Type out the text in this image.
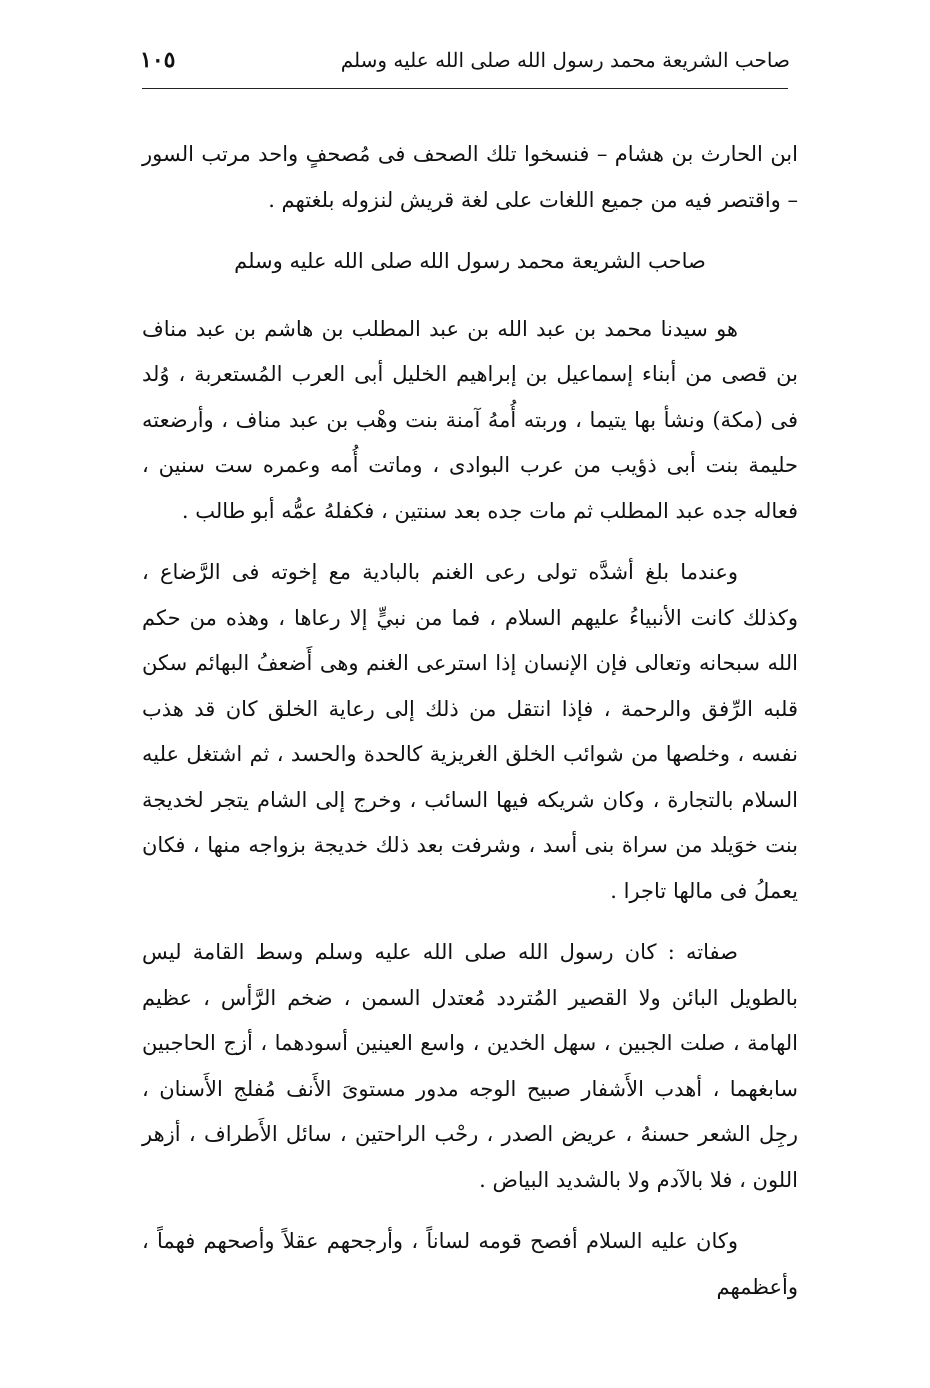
صاحب الشريعة محمد رسول الله صلى الله عليه وسلم
١٠٥

ابن الحارث بن هشام – فنسخوا تلك الصحف فى مُصحفٍ واحد مرتب السور – واقتصر فيه من جميع اللغات على لغة قريش لنزوله بلغتهم .

صاحب الشريعة محمد رسول الله صلى الله عليه وسلم

هو سيدنا محمد بن عبد الله بن عبد المطلب بن هاشم بن عبد مناف بن قصى من أبناء إسماعيل بن إبراهيم الخليل أبى العرب المُستعربة ، وُلد فى (مكة) ونشأ بها يتيما ، وربته أُمهُ آمنة بنت وهْب بن عبد مناف ، وأرضعته حليمة بنت أبى ذؤيب من عرب البوادى ، وماتت أُمه وعمره ست سنين ، فعاله جده عبد المطلب ثم مات جده بعد سنتين ، فكفلهُ عمُّه أبو طالب .

وعندما بلغ أشدَّه تولى رعى الغنم بالبادية مع إخوته فى الرَّضاع ، وكذلك كانت الأنبياءُ عليهم السلام ، فما من نبيٍّ إلا رعاها ، وهذه من حكم الله سبحانه وتعالى فإن الإنسان إذا استرعى الغنم وهى أَضعفُ البهائم سكن قلبه الرِّفق والرحمة ، فإذا انتقل من ذلك إلى رعاية الخلق كان قد هذب نفسه ، وخلصها من شوائب الخلق الغريزية كالحدة والحسد ، ثم اشتغل عليه السلام بالتجارة ، وكان شريكه فيها السائب ، وخرج إلى الشام يتجر لخديجة بنت خوَيلد من سراة بنى أسد ، وشرفت بعد ذلك خديجة بزواجه منها ، فكان يعملُ فى مالها تاجرا .

صفاته : كان رسول الله صلى الله عليه وسلم وسط القامة ليس بالطويل البائن ولا القصير المُتردد مُعتدل السمن ، ضخم الرَّأس ، عظيم الهامة ، صلت الجبين ، سهل الخدين ، واسع العينين أسودهما ، أزج الحاجبين سابغهما ، أهدب الأَشفار صبيح الوجه مدور مستوىَ الأَنف مُفلج الأَسنان ، رجِل الشعر حسنهُ ، عريض الصدر ، رحْب الراحتين ، سائل الأَطراف ، أزهر اللون ، فلا بالآدم ولا بالشديد البياض .

وكان عليه السلام أفصح قومه لساناً ، وأرجحهم عقلاً وأصحهم فهماً ، وأعظمهم
